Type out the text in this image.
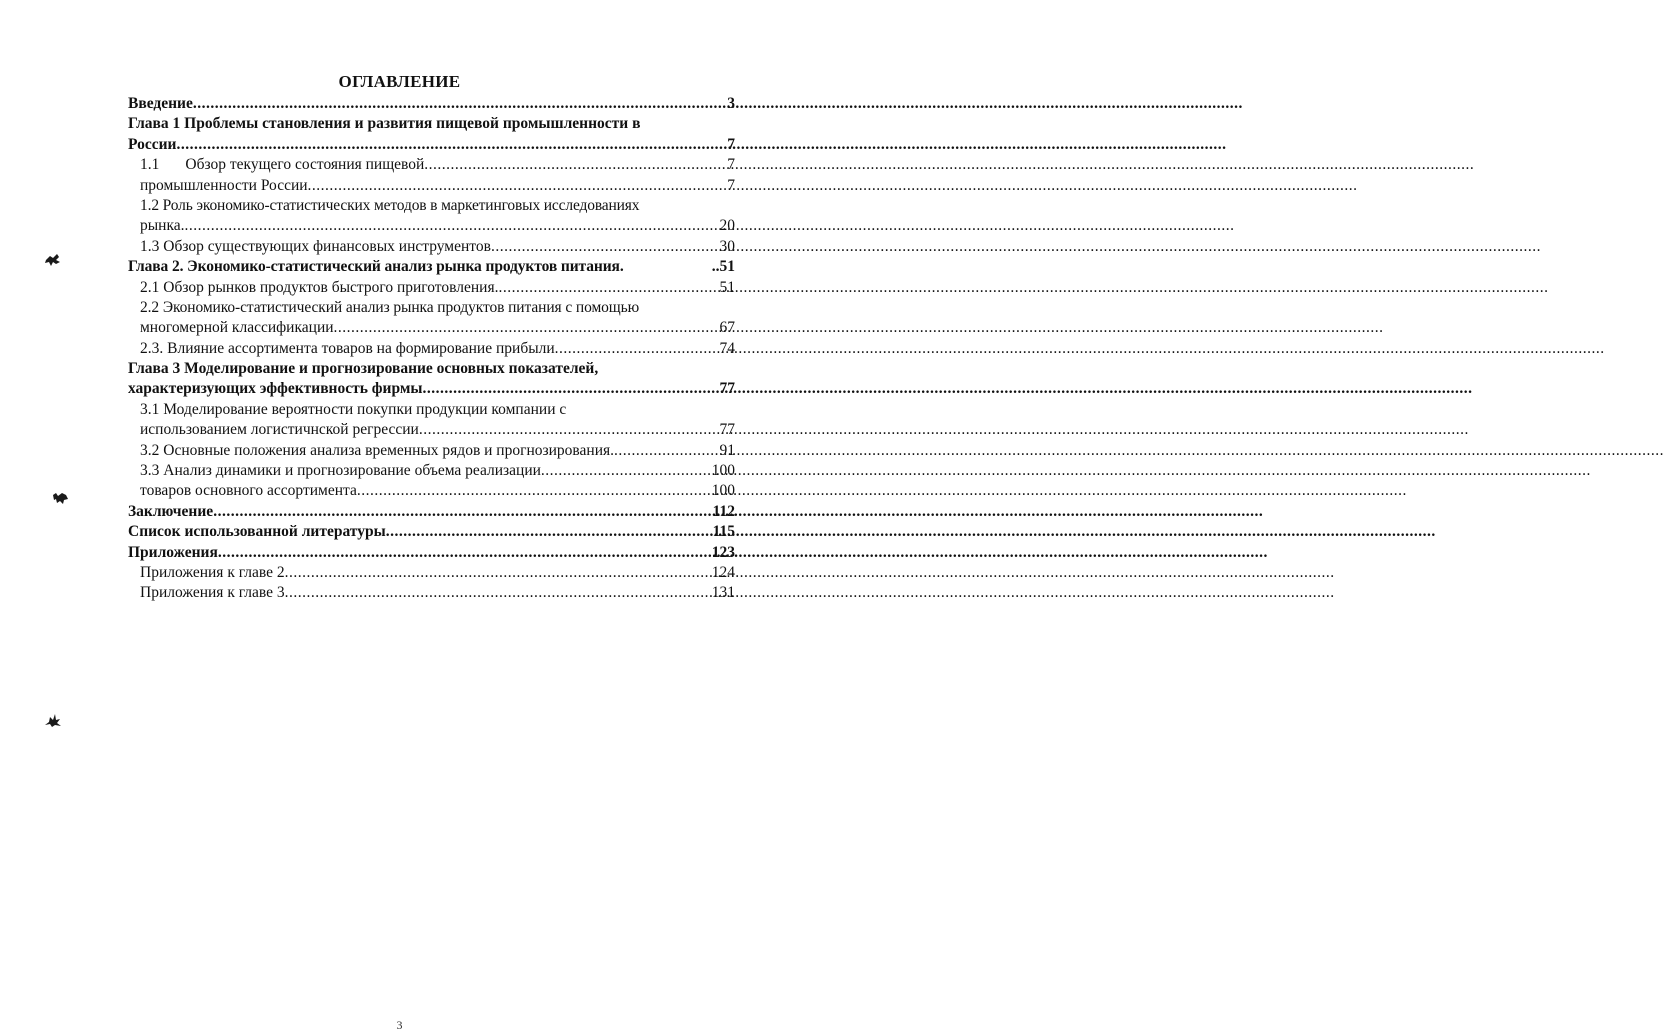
ОГЛАВЛЕНИЕ
Введение .....	3
Глава 1 Проблемы становления и развития пищевой промышленности в
России .....	7
1.1 Обзор текущего состояния пищевой .....	7
промышленности России .....	7
1.2 Роль экономико-статистических методов в маркетинговых исследованиях
рынка. .....	20
1.3 Обзор существующих финансовых инструментов .....	30
Глава 2. Экономико-статистический анализ рынка продуктов питания.	..51
2.1 Обзор рынков продуктов быстрого приготовления. .....	51
2.2 Экономико-статистический анализ рынка продуктов питания с помощью
многомерной классификации .....	67
2.3. Влияние ассортимента товаров на формирование прибыли .....	74
Глава 3 Моделирование и прогнозирование основных показателей,
характеризующих эффективность фирмы .....	77
3.1 Моделирование вероятности покупки продукции компании с
использованием логистичнской регрессии .....	77
3.2 Основные положения анализа временных рядов и прогнозирования. .....	91
3.3 Анализ динамики и прогнозирование объема реализации .....	100
товаров основного ассортимента .....	100
Заключение .....	112
Список использованной литературы .....	115
Приложения .....	123
Приложения к главе 2 .....	124
Приложения к главе 3 .....	131
3
